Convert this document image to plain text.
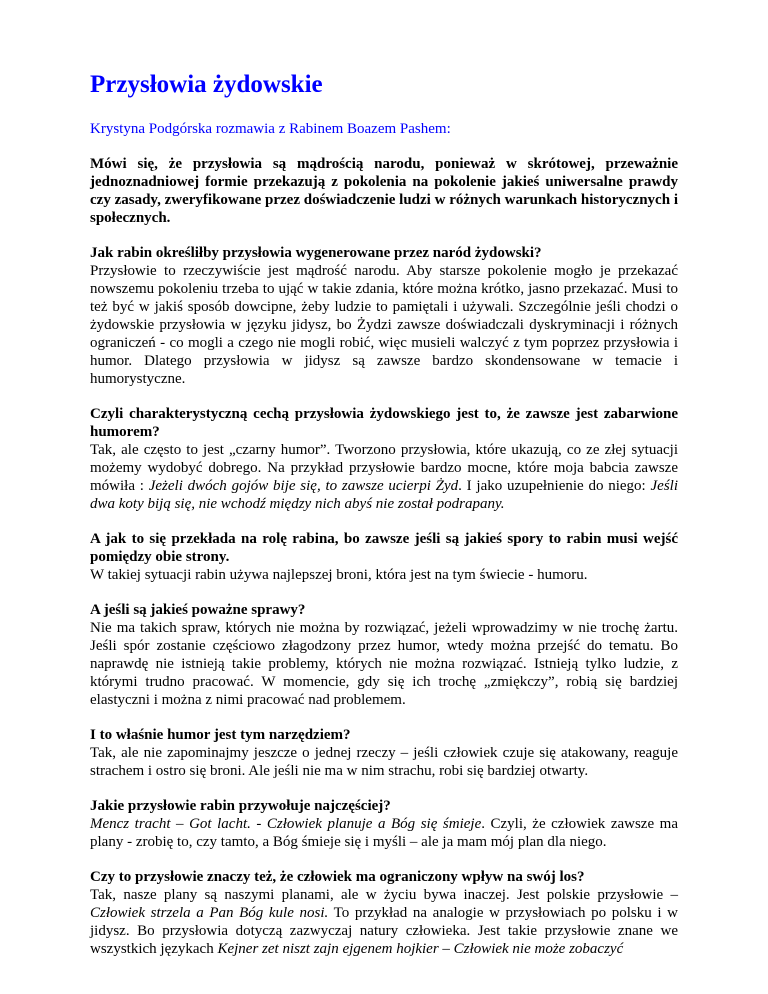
Przysłowia żydowskie
Krystyna Podgórska rozmawia z Rabinem Boazem Pashem:
Mówi się, że przysłowia są mądrością narodu, ponieważ w skrótowej, przeważnie jednoznadniowej formie przekazują z pokolenia na pokolenie jakieś uniwersalne prawdy czy zasady, zweryfikowane przez doświadczenie ludzi w różnych warunkach historycznych i społecznych.
Jak rabin określiłby przysłowia wygenerowane przez naród żydowski?
Przysłowie to rzeczywiście jest mądrość narodu. Aby starsze pokolenie mogło je przekazać nowszemu pokoleniu trzeba to ująć w takie zdania, które można krótko, jasno przekazać. Musi to też być w jakiś sposób dowcipne, żeby ludzie to pamiętali i używali. Szczególnie jeśli chodzi o żydowskie przysłowia w języku jidysz, bo Żydzi zawsze doświadczali dyskryminacji i różnych ograniczeń - co mogli a czego nie mogli robić, więc musieli walczyć z tym poprzez przysłowia i humor. Dlatego przysłowia w jidysz są zawsze bardzo skondensowane w temacie i humorystyczne.
Czyli charakterystyczną cechą przysłowia żydowskiego jest to, że zawsze jest zabarwione humorem?
Tak, ale często to jest „czarny humor”. Tworzono przysłowia, które ukazują, co ze złej sytuacji możemy wydobyć dobrego. Na przykład przysłowie bardzo mocne, które moja babcia zawsze mówiła : Jeżeli dwóch gojów bije się, to zawsze ucierpi Żyd. I jako uzupełnienie do niego: Jeśli dwa koty biją się, nie wchodź między nich abyś nie został podrapany.
A jak to się przekłada na rolę rabina, bo zawsze jeśli są jakieś spory to rabin musi wejść pomiędzy obie strony.
W takiej sytuacji rabin używa najlepszej broni, która jest na tym świecie - humoru.
A jeśli są jakieś poważne sprawy?
Nie ma takich spraw, których nie można by rozwiązać, jeżeli wprowadzimy w nie trochę żartu. Jeśli spór zostanie częściowo złagodzony przez humor, wtedy można przejść do tematu. Bo naprawdę nie istnieją takie problemy, których nie można rozwiązać. Istnieją tylko ludzie, z którymi trudno pracować. W momencie, gdy się ich trochę „zmiękczy”, robią się bardziej elastyczni i można z nimi pracować nad problemem.
I to właśnie humor jest tym narzędziem?
Tak, ale nie zapominajmy jeszcze o jednej rzeczy – jeśli człowiek czuje się atakowany, reaguje strachem i ostro się broni. Ale jeśli nie ma w nim strachu, robi się bardziej otwarty.
Jakie przysłowie rabin przywołuje najczęściej?
Mencz tracht – Got lacht. - Człowiek planuje a Bóg się śmieje. Czyli, że człowiek zawsze ma plany - zrobię to, czy tamto, a Bóg śmieje się i myśli – ale ja mam mój plan dla niego.
Czy to przysłowie znaczy też, że człowiek ma ograniczony wpływ na swój los?
Tak, nasze plany są naszymi planami, ale w życiu bywa inaczej. Jest polskie przysłowie – Człowiek strzela a Pan Bóg kule nosi. To przykład na analogie w przysłowiach po polsku i w jidysz. Bo przysłowia dotyczą zazwyczaj natury człowieka. Jest takie przysłowie znane we wszystkich językach Kejner zet niszt zajn ejgenem hojkier – Człowiek nie może zobaczyć
